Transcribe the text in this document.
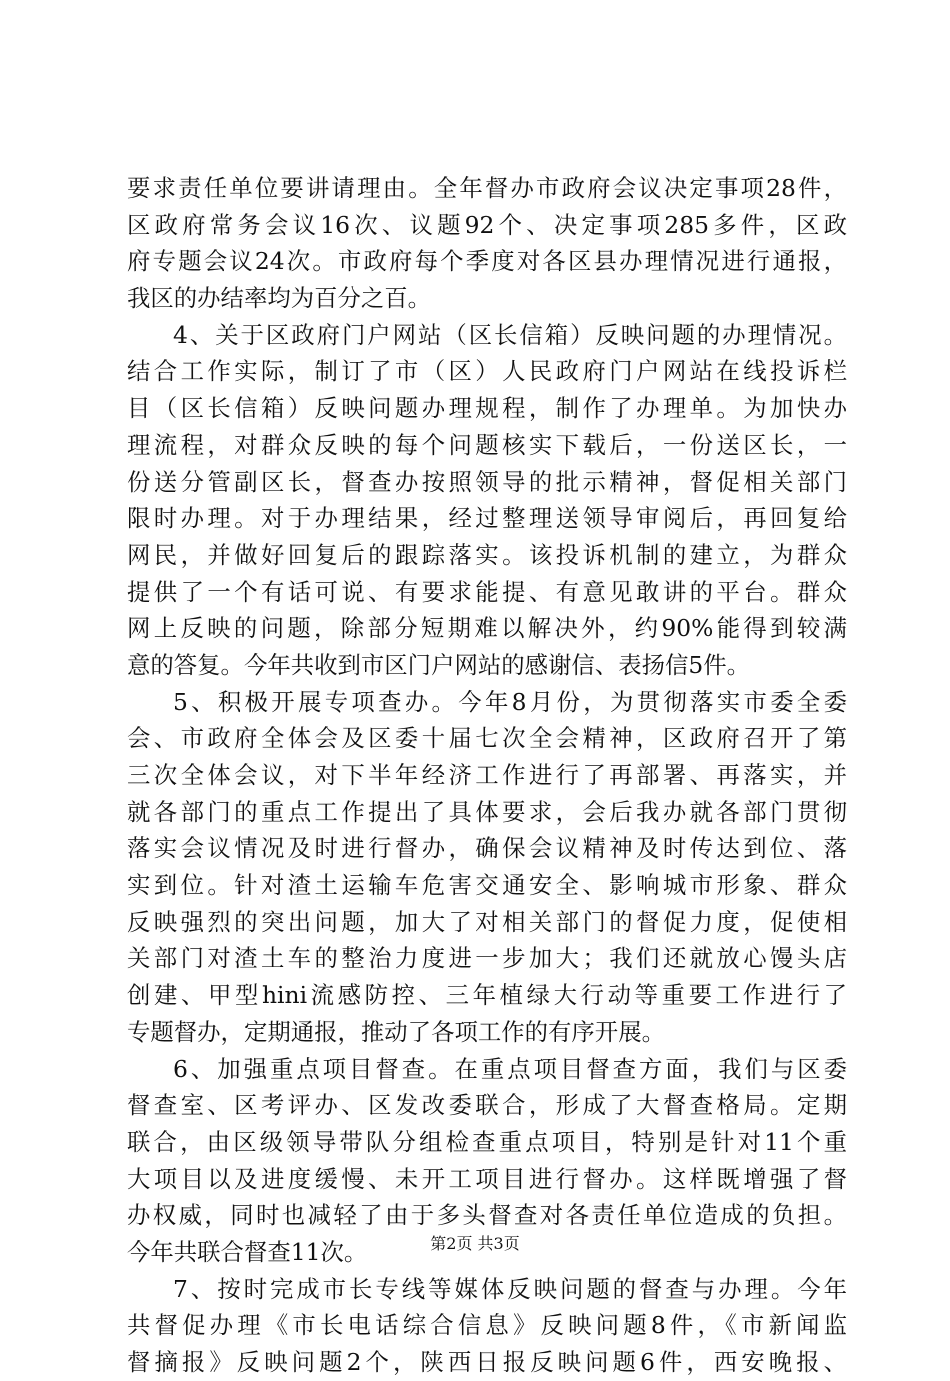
要求责任单位要讲请理由。全年督办市政府会议决定事项28件，
区政府常务会议16次、议题92个、决定事项285多件，区政
府专题会议24次。市政府每个季度对各区县办理情况进行通报，
我区的办结率均为百分之百。
4、关于区政府门户网站（区长信箱）反映问题的办理情况。
结合工作实际，制订了市（区）人民政府门户网站在线投诉栏
目（区长信箱）反映问题办理规程，制作了办理单。为加快办
理流程，对群众反映的每个问题核实下载后，一份送区长，一
份送分管副区长，督查办按照领导的批示精神，督促相关部门
限时办理。对于办理结果，经过整理送领导审阅后，再回复给
网民，并做好回复后的跟踪落实。该投诉机制的建立，为群众
提供了一个有话可说、有要求能提、有意见敢讲的平台。群众
网上反映的问题，除部分短期难以解决外，约90%能得到较满
意的答复。今年共收到市区门户网站的感谢信、表扬信5件。
5、积极开展专项查办。今年8月份，为贯彻落实市委全委
会、市政府全体会及区委十届七次全会精神，区政府召开了第
三次全体会议，对下半年经济工作进行了再部署、再落实，并
就各部门的重点工作提出了具体要求，会后我办就各部门贯彻
落实会议情况及时进行督办，确保会议精神及时传达到位、落
实到位。针对渣土运输车危害交通安全、影响城市形象、群众
反映强烈的突出问题，加大了对相关部门的督促力度，促使相
关部门对渣土车的整治力度进一步加大；我们还就放心馒头店
创建、甲型hini流感防控、三年植绿大行动等重要工作进行了
专题督办，定期通报，推动了各项工作的有序开展。
6、加强重点项目督查。在重点项目督查方面，我们与区委
督查室、区考评办、区发改委联合，形成了大督查格局。定期
联合，由区级领导带队分组检查重点项目，特别是针对11个重
大项目以及进度缓慢、未开工项目进行督办。这样既增强了督
办权威，同时也减轻了由于多头督查对各责任单位造成的负担。
今年共联合督查11次。
7、按时完成市长专线等媒体反映问题的督查与办理。今年
共督促办理《市长电话综合信息》反映问题8件，《市新闻监
督摘报》反映问题2个，陕西日报反映问题6件，西安晚报、
第2页 共3页
